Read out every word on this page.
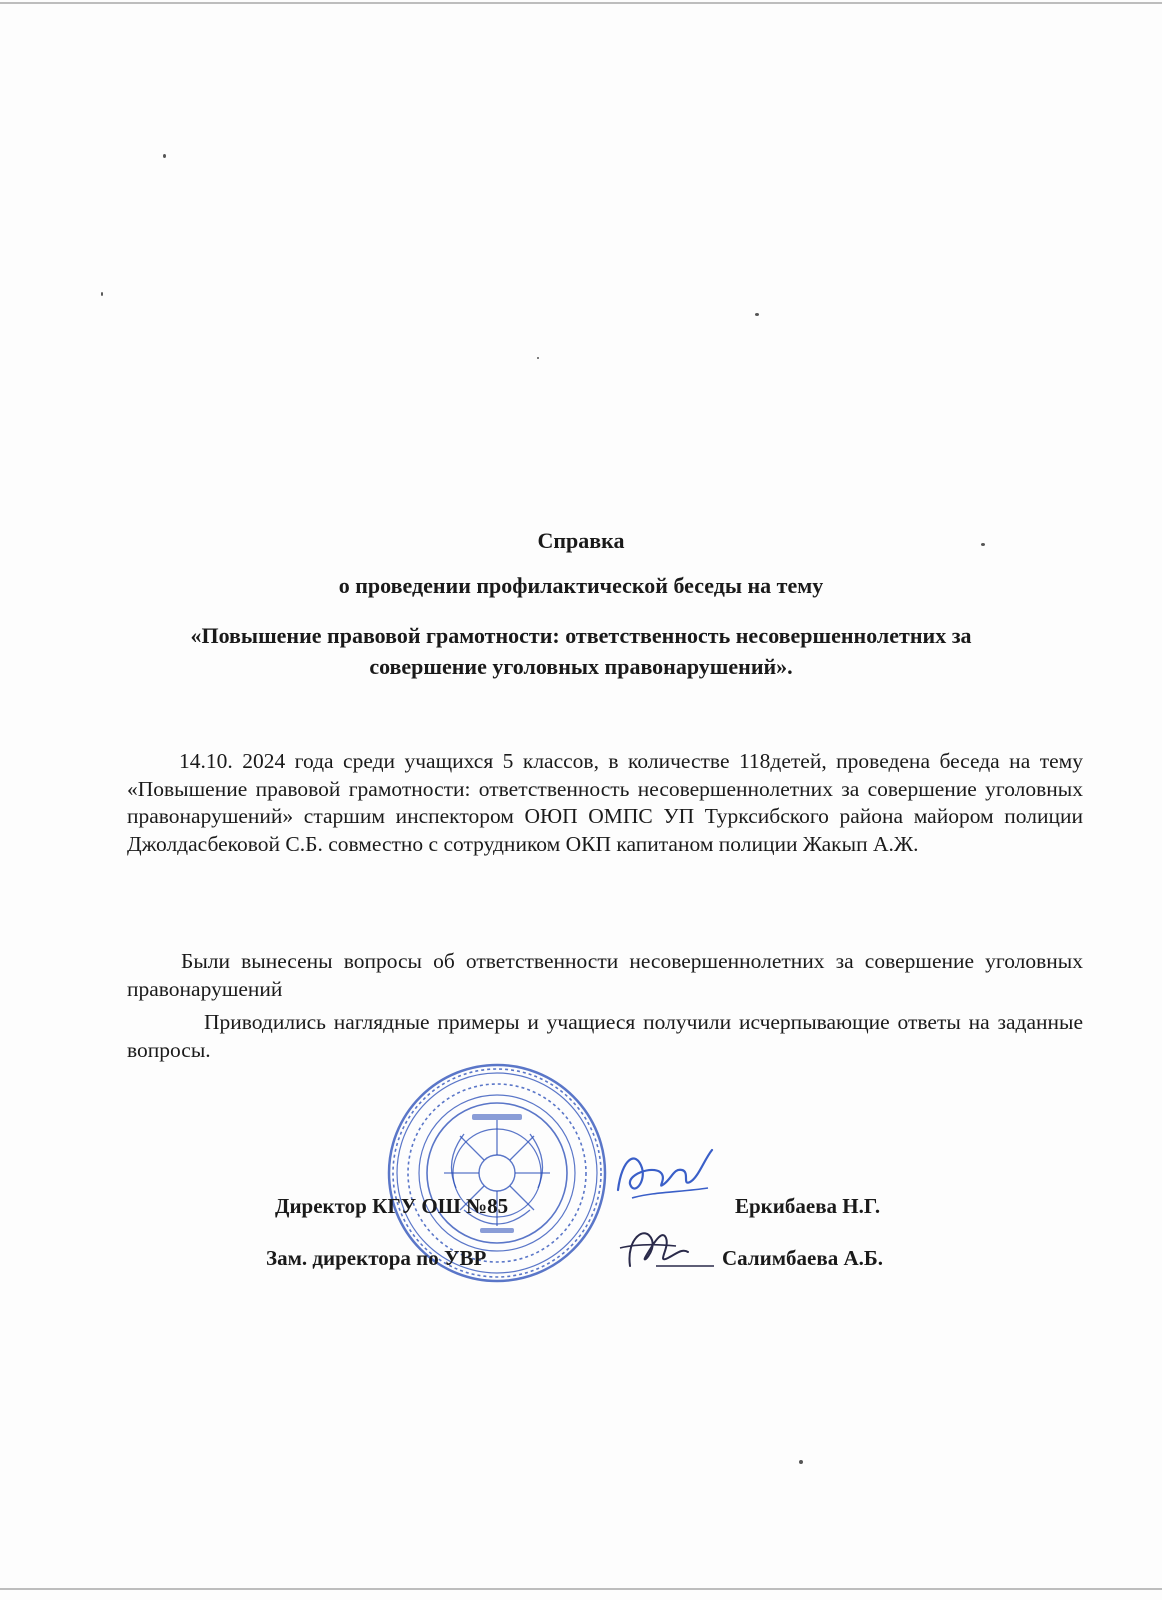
Справка
о проведении профилактической беседы на тему
«Повышение правовой грамотности: ответственность несовершеннолетних за
совершение уголовных правонарушений».
14.10. 2024 года среди учащихся 5 классов, в количестве 118детей, проведена беседа на тему «Повышение правовой грамотности: ответственность несовершеннолетних за совершение уголовных правонарушений» старшим инспектором ОЮП ОМПС УП Турксибского района майором полиции Джолдасбековой С.Б. совместно с сотрудником ОКП капитаном полиции Жакып А.Ж.
Были вынесены вопросы об ответственности несовершеннолетних за совершение уголовных правонарушений
Приводились наглядные примеры и учащиеся получили исчерпывающие ответы на заданные вопросы.
Директор КГУ ОШ №85	Еркибаева Н.Г.
Зам. директора по УВР	Салимбаева А.Б.
